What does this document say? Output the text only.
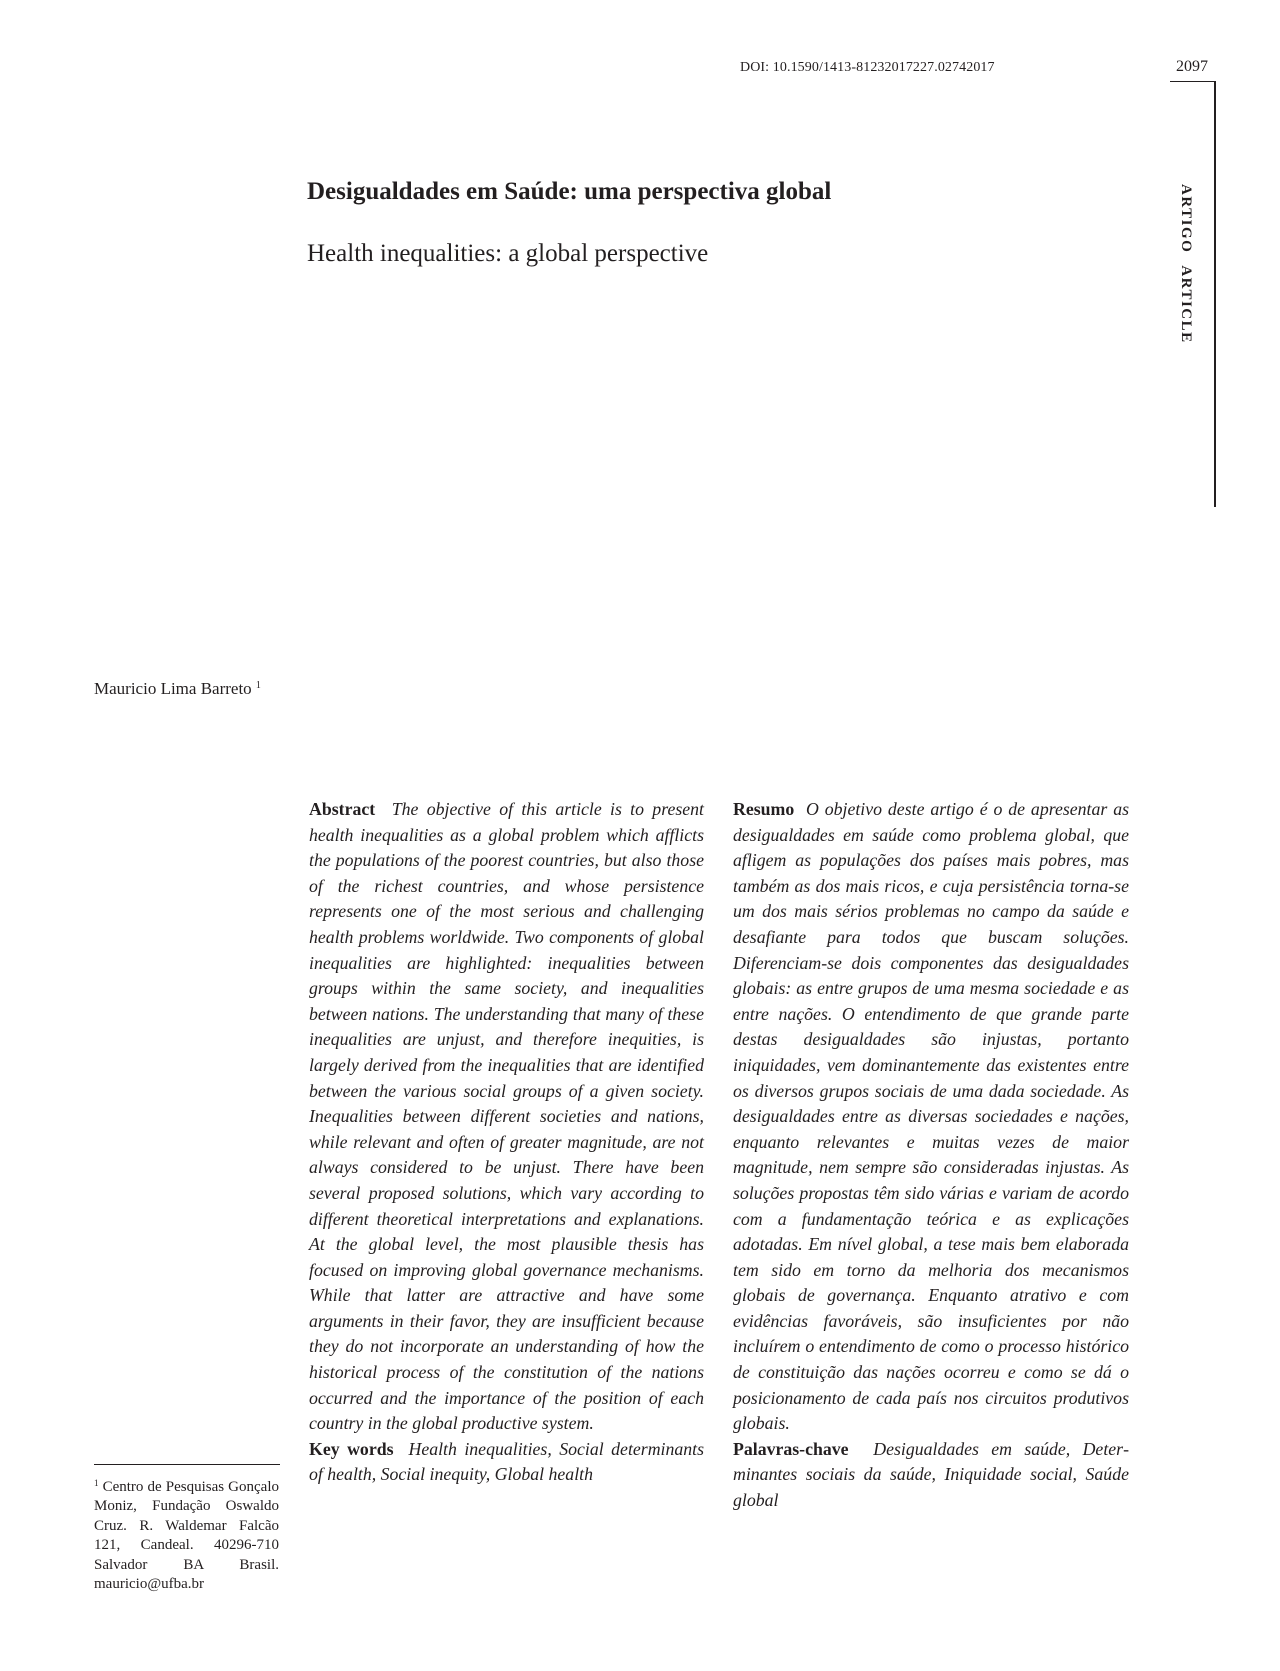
DOI: 10.1590/1413-81232017227.02742017	2097
ARTIGOARTICLE
Desigualdades em Saúde: uma perspectiva global
Health inequalities: a global perspective
Mauricio Lima Barreto $^1$
$^1$ Centro de Pesquisas Gonçalo Moniz, Fundação Oswaldo Cruz. R. Waldemar Falcão 121, Candeal. 40296-710 Salvador BA Brasil. mauricio@ufba.br

Abstract The objective of this article is to present health inequalities as a global problem which afflicts the populations of the poorest countries, but also those of the richest countries, and whose persistence represents one of the most serious and challenging health problems worldwide. Two components of global inequalities are highlighted: inequalities between groups within the same society, and inequalities between nations. The understanding that many of these inequalities are unjust, and therefore inequities, is largely derived from the inequalities that are identified between the various social groups of a given society. Inequalities between different societies and nations, while relevant and often of greater magnitude, are not always considered to be unjust. There have been several proposed solutions, which vary according to different theoretical interpretations and explanations. At the global level, the most plausible thesis has focused on improving global governance mechanisms. While that latter are attractive and have some arguments in their favor, they are insufficient because they do not incorporate an understanding of how the historical process of the constitution of the nations occurred and the importance of the position of each country in the global productive system.

Key words Health inequalities, Social determinants of health, Social inequity, Global health

Resumo O objetivo deste artigo é o de apresentar as desigualdades em saúde como problema global, que afligem as populações dos países mais pobres, mas também as dos mais ricos, e cuja persistência torna-se um dos mais sérios problemas no campo da saúde e desafiante para todos que buscam soluções. Diferenciam-se dois componentes das desigualdades globais: as entre grupos de uma mesma sociedade e as entre nações. O entendimento de que grande parte destas desigualdades são injustas, portanto iniquidades, vem dominantemente das existentes entre os diversos grupos sociais de uma dada sociedade. As desigualdades entre as diversas sociedades e nações, enquanto relevantes e muitas vezes de maior magnitude, nem sempre são consideradas injustas. As soluções propostas têm sido várias e variam de acordo com a fundamentação teórica e as explicações adotadas. Em nível global, a tese mais bem elaborada tem sido em torno da melhoria dos mecanismos globais de governança. Enquanto atrativo e com evidências favoráveis, são insuficientes por não incluírem o entendimento de como o processo histórico de constituição das nações ocorreu e como se dá o posicionamento de cada país nos circuitos produtivos globais.

Palavras-chave Desigualdades em saúde, Determinantes sociais da saúde, Iniquidade social, Saúde global
